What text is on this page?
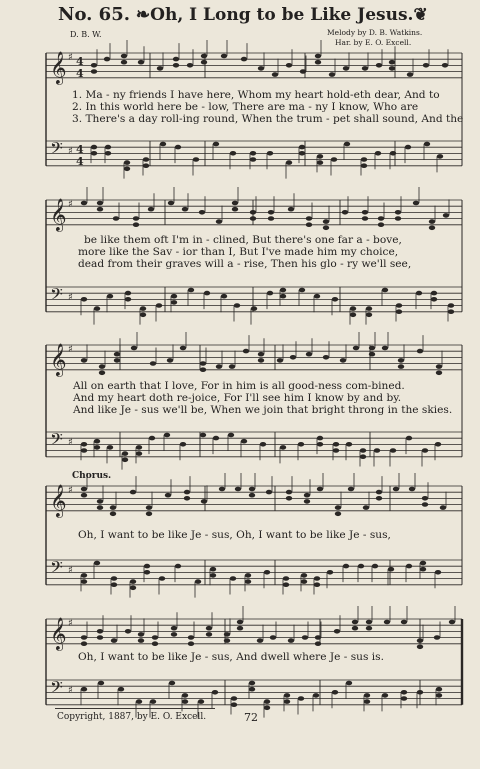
No. 65. ❧Oh, I Long to be Like Jesus.❦
D. B. W.	Melody by D. B. Watkins.
Har. by E. O. Excell.
𝄞 ♯
𝄢 ♯
𝄞 ♯
𝄢 ♯
𝄞 ♯
𝄢 ♯
𝄞 ♯
𝄢 ♯
𝄞 ♯
𝄢 ♯
4
4
4
4
1. Ma - ny friends I have here, Whom my heart hold-eth dear, And to
2. In this world here be - low, There are ma - ny I know, Who are
3. There's a day roll-ing round, When the trum - pet shall sound, And the
be like them oft I'm in - clined, But there's one far a - bove,
more like the Sav - ior than I, But I've made him my choice,
dead from their graves will a - rise, Then his glo - ry we'll see,
All on earth that I love, For in him is all good-ness com-bined.
And my heart doth re-joice, For I'll see him I know by and by.
And like Je - sus we'll be, When we join that bright throng in the skies.
Chorus.
Oh, I want to be like Je - sus, Oh, I want to be like Je - sus,
Oh, I want to be like Je - sus, And dwell where Je - sus is.
Copyright, 1887, by E. O. Excell.	72
